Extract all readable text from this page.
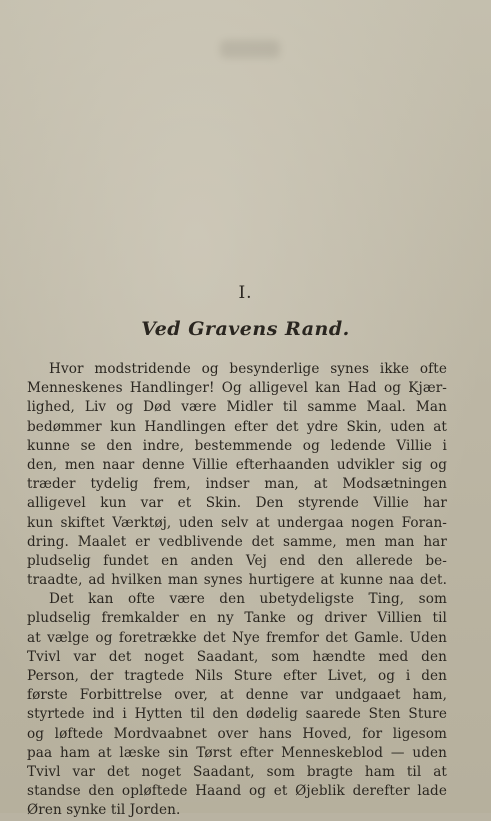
I.
Ved Gravens Rand.
Hvor modstridende og besynderlige synes ikke ofte
Menneskenes Handlinger! Og alligevel kan Had og Kjær-
lighed, Liv og Død være Midler til samme Maal. Man
bedømmer kun Handlingen efter det ydre Skin, uden at
kunne se den indre, bestemmende og ledende Villie i
den, men naar denne Villie efterhaanden udvikler sig og
træder tydelig frem, indser man, at Modsætningen
alligevel kun var et Skin. Den styrende Villie har
kun skiftet Værktøj, uden selv at undergaa nogen Foran-
dring. Maalet er vedblivende det samme, men man har
pludselig fundet en anden Vej end den allerede be-
traadte, ad hvilken man synes hurtigere at kunne naa det.
Det kan ofte være den ubetydeligste Ting, som
pludselig fremkalder en ny Tanke og driver Villien til
at vælge og foretrække det Nye fremfor det Gamle. Uden
Tvivl var det noget Saadant, som hændte med den
Person, der tragtede Nils Sture efter Livet, og i den
første Forbittrelse over, at denne var undgaaet ham,
styrtede ind i Hytten til den dødelig saarede Sten Sture
og løftede Mordvaabnet over hans Hoved, for ligesom
paa ham at læske sin Tørst efter Menneskeblod — uden
Tvivl var det noget Saadant, som bragte ham til at
standse den opløftede Haand og et Øjeblik derefter lade
Øren synke til Jorden.
